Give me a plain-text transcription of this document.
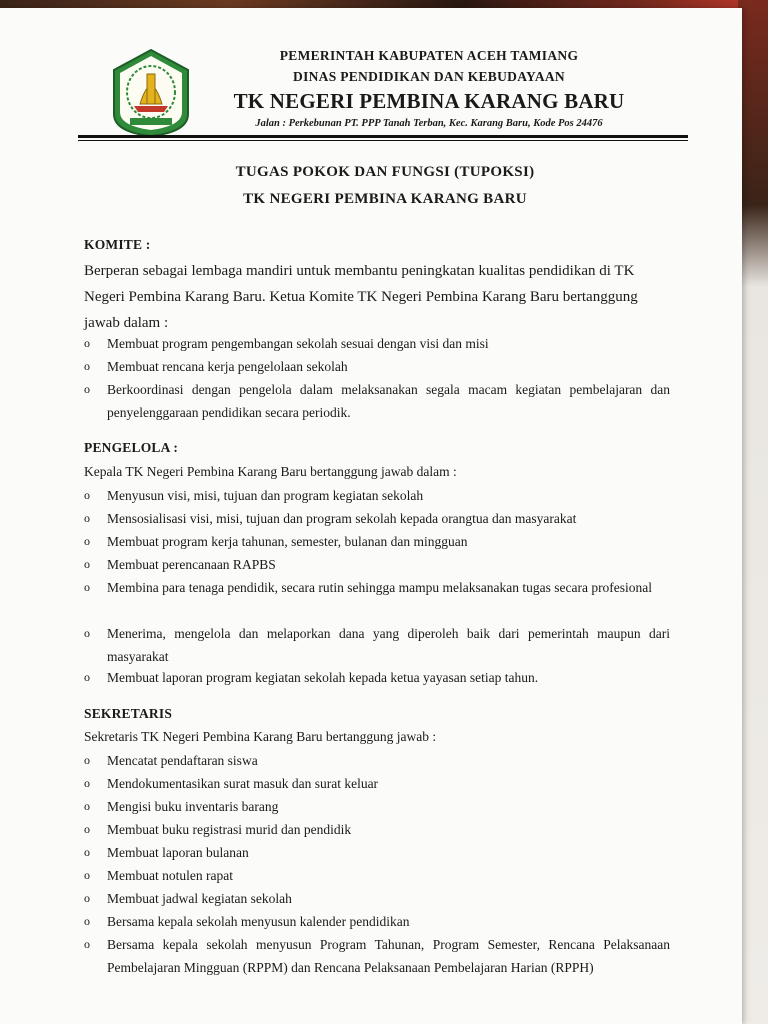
PEMERINTAH KABUPATEN ACEH TAMIANG
DINAS PENDIDIKAN DAN KEBUDAYAAN
TK NEGERI PEMBINA KARANG BARU
Jalan : Perkebunan PT. PPP Tanah Terban, Kec. Karang Baru, Kode Pos 24476
TUGAS POKOK DAN FUNGSI (TUPOKSI)
TK NEGERI PEMBINA KARANG BARU
KOMITE :
Berperan sebagai lembaga mandiri untuk membantu peningkatan kualitas pendidikan di TK Negeri Pembina Karang Baru. Ketua Komite TK Negeri Pembina Karang Baru bertanggung jawab dalam :
o	Membuat program pengembangan sekolah sesuai dengan visi dan misi
o	Membuat rencana kerja pengelolaan sekolah
o	Berkoordinasi dengan pengelola dalam melaksanakan segala macam kegiatan pembelajaran dan penyelenggaraan pendidikan secara periodik.
PENGELOLA :
Kepala TK Negeri Pembina Karang Baru bertanggung jawab dalam :
o	Menyusun visi, misi, tujuan dan program kegiatan sekolah
o	Mensosialisasi visi, misi, tujuan dan program sekolah kepada orangtua dan masyarakat
o	Membuat program kerja tahunan, semester, bulanan dan mingguan
o	Membuat perencanaan RAPBS
o	Membina para tenaga pendidik, secara rutin sehingga mampu melaksanakan tugas secara profesional
o	Menerima, mengelola dan melaporkan dana yang diperoleh baik dari pemerintah maupun dari masyarakat
o	Membuat laporan program kegiatan sekolah kepada ketua yayasan setiap tahun.
SEKRETARIS
Sekretaris TK Negeri Pembina Karang Baru bertanggung jawab :
o	Mencatat pendaftaran siswa
o	Mendokumentasikan surat masuk dan surat keluar
o	Mengisi buku inventaris barang
o	Membuat buku registrasi murid dan pendidik
o	Membuat laporan bulanan
o	Membuat notulen rapat
o	Membuat jadwal kegiatan sekolah
o	Bersama kepala sekolah menyusun kalender pendidikan
o	Bersama kepala sekolah menyusun Program Tahunan, Program Semester, Rencana Pelaksanaan Pembelajaran Mingguan (RPPM) dan Rencana Pelaksanaan Pembelajaran Harian (RPPH)
